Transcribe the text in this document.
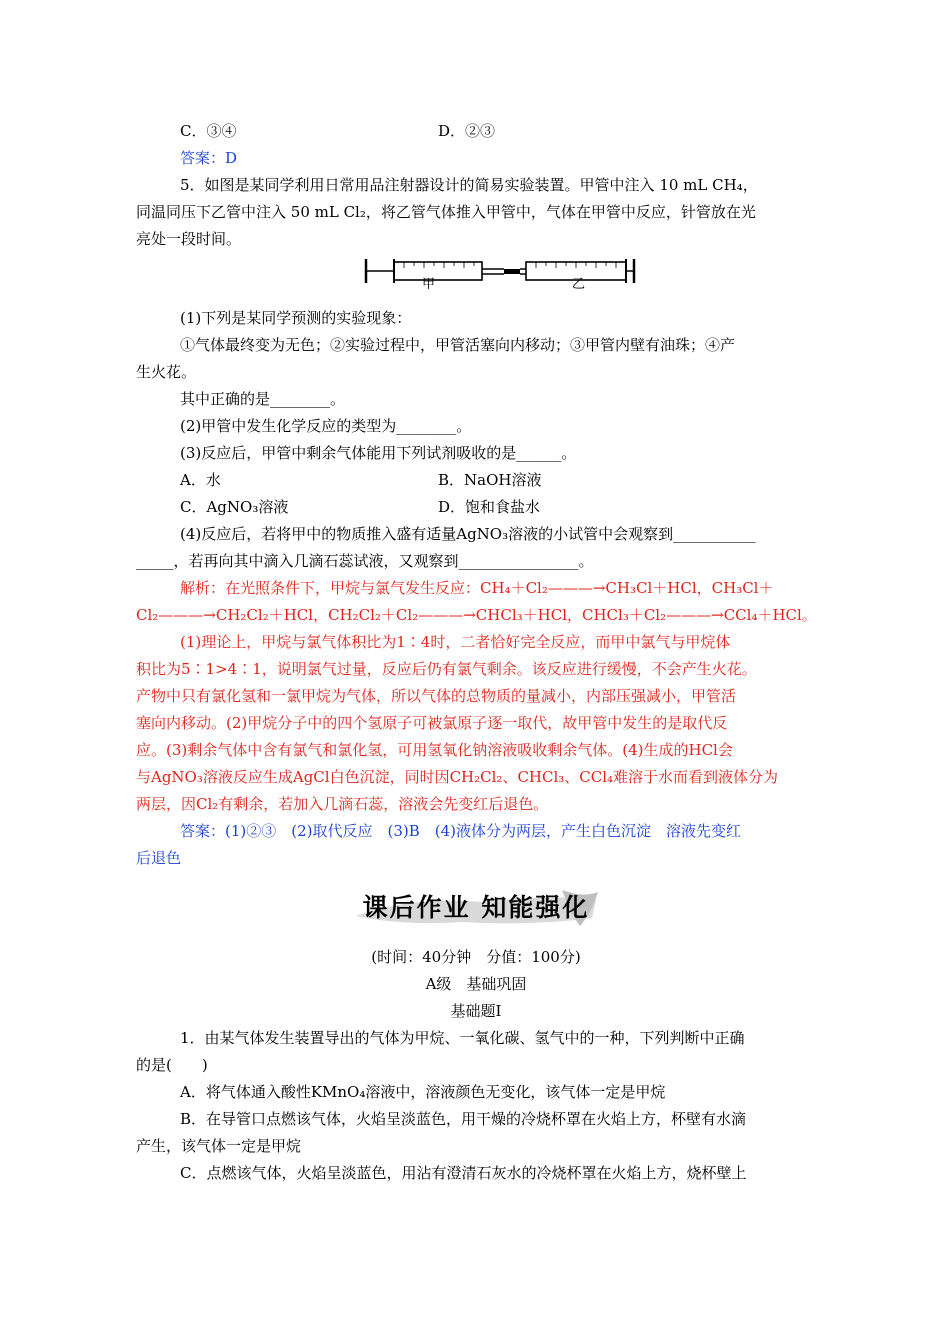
C．③④	D．②③
答案：D
5．如图是某同学利用日常用品注射器设计的简易实验装置。甲管中注入 10 mL CH₄，
同温同压下乙管中注入 50 mL Cl₂，将乙管气体推入甲管中，气体在甲管中反应，针管放在光
亮处一段时间。
甲	乙
(1)下列是某同学预测的实验现象：
①气体最终变为无色；②实验过程中，甲管活塞向内移动；③甲管内壁有油珠；④产
生火花。
其中正确的是________。
(2)甲管中发生化学反应的类型为________。
(3)反应后，甲管中剩余气体能用下列试剂吸收的是______。
A．水	B．NaOH溶液
C．AgNO₃溶液	D．饱和食盐水
(4)反应后，若将甲中的物质推入盛有适量AgNO₃溶液的小试管中会观察到___________
_____，若再向其中滴入几滴石蕊试液，又观察到________________。
解析：在光照条件下，甲烷与氯气发生反应：CH₄＋Cl₂———→CH₃Cl＋HCl，CH₃Cl＋
Cl₂———→CH₂Cl₂＋HCl，CH₂Cl₂＋Cl₂———→CHCl₃＋HCl，CHCl₃＋Cl₂———→CCl₄＋HCl。
(1)理论上，甲烷与氯气体积比为1∶4时，二者恰好完全反应，而甲中氯气与甲烷体
积比为5∶1>4∶1，说明氯气过量，反应后仍有氯气剩余。该反应进行缓慢，不会产生火花。
产物中只有氯化氢和一氯甲烷为气体，所以气体的总物质的量减小，内部压强减小，甲管活
塞向内移动。(2)甲烷分子中的四个氢原子可被氯原子逐一取代，故甲管中发生的是取代反
应。(3)剩余气体中含有氯气和氯化氢，可用氢氧化钠溶液吸收剩余气体。(4)生成的HCl会
与AgNO₃溶液反应生成AgCl白色沉淀，同时因CH₂Cl₂、CHCl₃、CCl₄难溶于水而看到液体分为
两层，因Cl₂有剩余，若加入几滴石蕊，溶液会先变红后退色。
答案：(1)②③　(2)取代反应　(3)B　(4)液体分为两层，产生白色沉淀　溶液先变红
后退色
课后作业 知能强化
(时间：40分钟　分值：100分)
A级　基础巩固
基础题Ⅰ
1．由某气体发生装置导出的气体为甲烷、一氧化碳、氢气中的一种，下列判断中正确
的是(　　)
A．将气体通入酸性KMnO₄溶液中，溶液颜色无变化，该气体一定是甲烷
B．在导管口点燃该气体，火焰呈淡蓝色，用干燥的冷烧杯罩在火焰上方，杯壁有水滴
产生，该气体一定是甲烷
C．点燃该气体，火焰呈淡蓝色，用沾有澄清石灰水的冷烧杯罩在火焰上方，烧杯壁上
